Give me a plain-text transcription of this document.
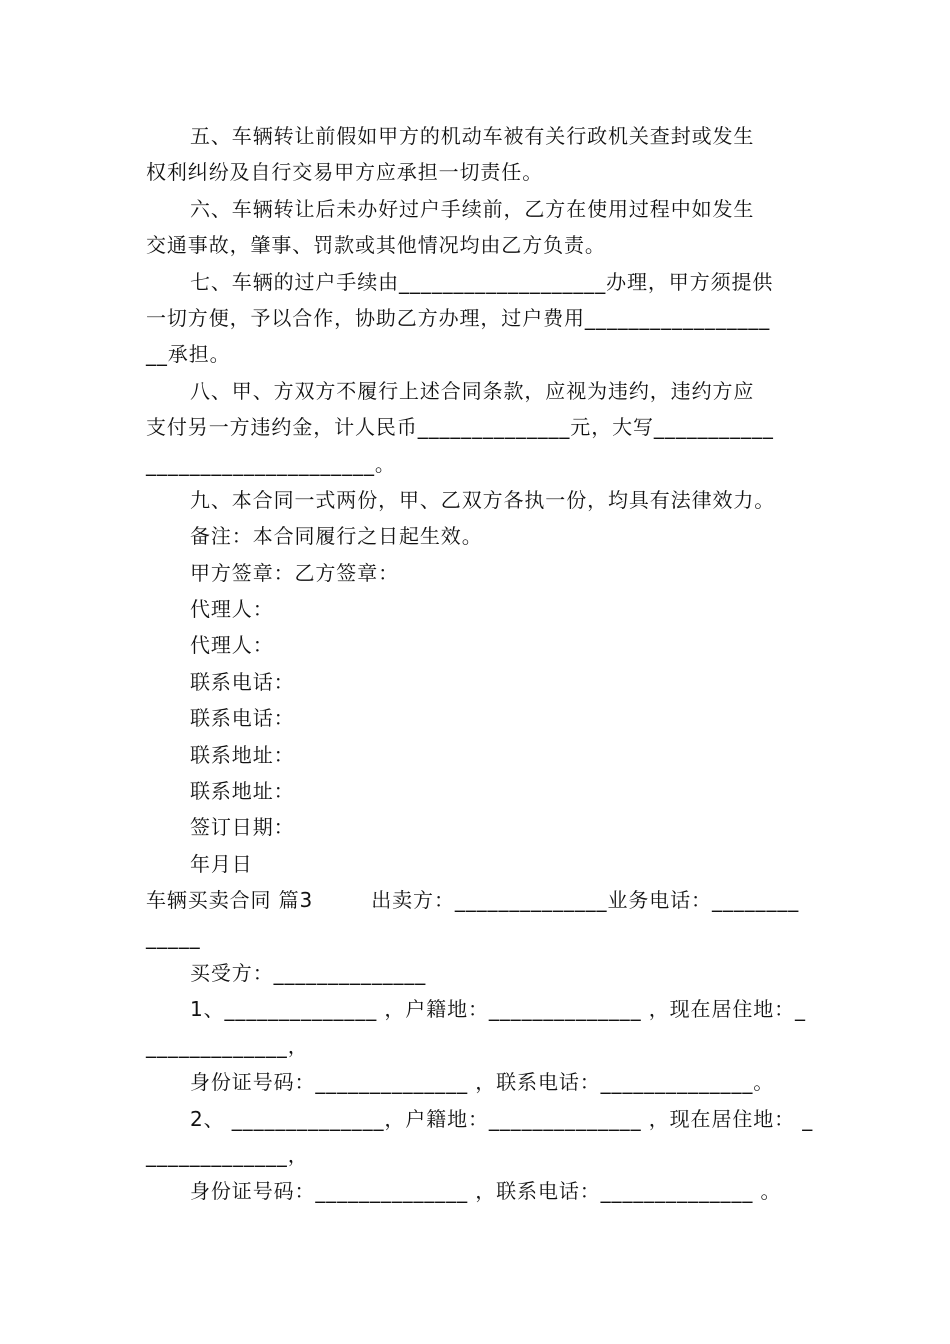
五、车辆转让前假如甲方的机动车被有关行政机关查封或发生
权利纠纷及自行交易甲方应承担一切责任。
六、车辆转让后未办好过户手续前，乙方在使用过程中如发生
交通事故，肇事、罚款或其他情况均由乙方负责。
七、车辆的过户手续由___________________办理，甲方须提供
一切方便，予以合作，协助乙方办理，过户费用_________________
__承担。
八、甲、方双方不履行上述合同条款，应视为违约，违约方应
支付另一方违约金，计人民币______________元，大写___________
_____________________。
九、本合同一式两份，甲、乙双方各执一份，均具有法律效力。
备注：本合同履行之日起生效。
甲方签章：乙方签章：
代理人：
代理人：
联系电话：
联系电话：
联系地址：
联系地址：
签订日期：
年月日
车辆买卖合同 篇3        出卖方：______________业务电话：________
_____
买受方：______________
1、______________ ，户籍地：______________ ，现在居住地：_
_____________，
身份证号码：______________ ，联系电话：______________。
2、 ______________，户籍地：______________ ，现在居住地： _
_____________，
身份证号码：______________ ，联系电话：______________ 。
